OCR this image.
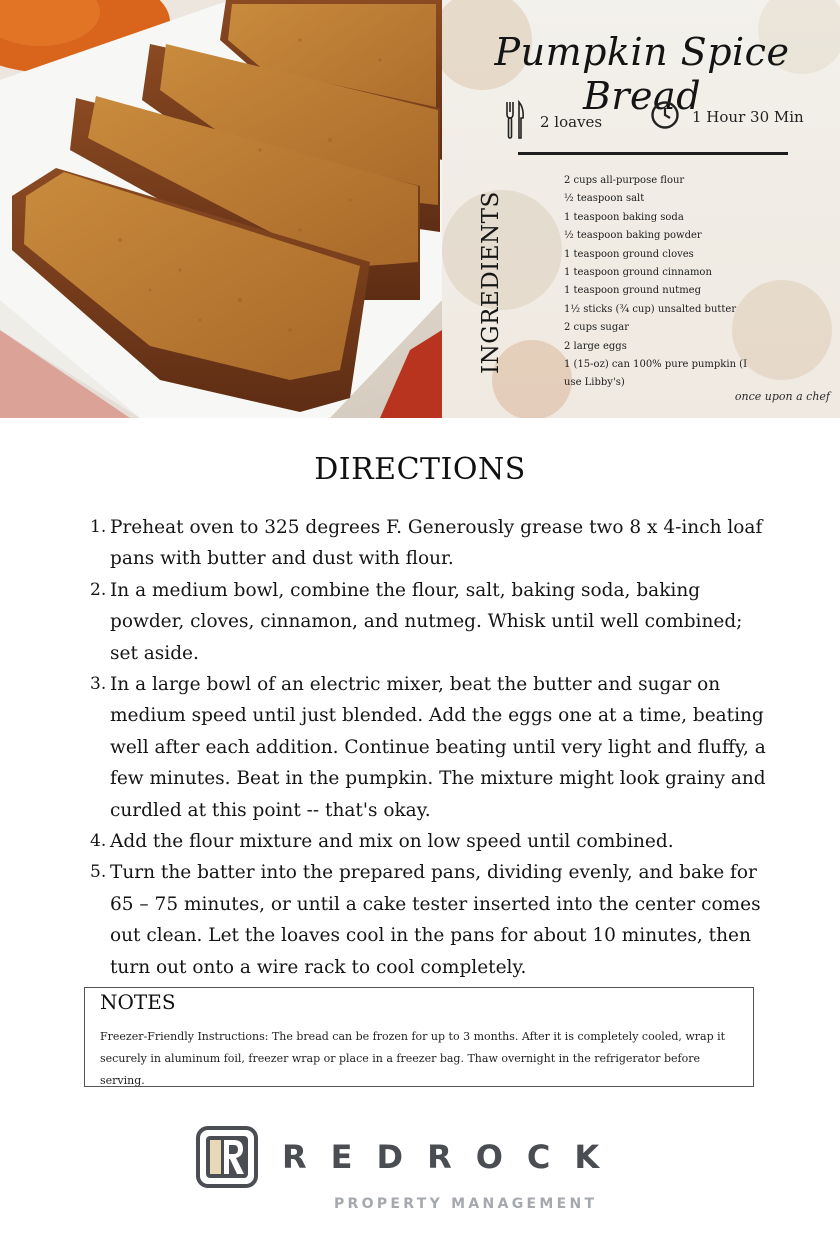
Pumpkin Spice Bread
2 loaves	1 Hour 30 Min
INGREDIENTS
2 cups all-purpose flour
½ teaspoon salt
1 teaspoon baking soda
½ teaspoon baking powder
1 teaspoon ground cloves
1 teaspoon ground cinnamon
1 teaspoon ground nutmeg
1½ sticks (¾ cup) unsalted butter
2 cups sugar
2 large eggs
1 (15-oz) can 100% pure pumpkin (I use Libby's)
once upon a chef
DIRECTIONS
1. Preheat oven to 325 degrees F. Generously grease two 8 x 4-inch loaf pans with butter and dust with flour.
2. In a medium bowl, combine the flour, salt, baking soda, baking powder, cloves, cinnamon, and nutmeg. Whisk until well combined; set aside.
3. In a large bowl of an electric mixer, beat the butter and sugar on medium speed until just blended. Add the eggs one at a time, beating well after each addition. Continue beating until very light and fluffy, a few minutes. Beat in the pumpkin. The mixture might look grainy and curdled at this point -- that's okay.
4. Add the flour mixture and mix on low speed until combined.
5. Turn the batter into the prepared pans, dividing evenly, and bake for 65 – 75 minutes, or until a cake tester inserted into the center comes out clean. Let the loaves cool in the pans for about 10 minutes, then turn out onto a wire rack to cool completely.
NOTES
Freezer-Friendly Instructions: The bread can be frozen for up to 3 months. After it is completely cooled, wrap it securely in aluminum foil, freezer wrap or place in a freezer bag. Thaw overnight in the refrigerator before serving.
REDROCK
PROPERTY MANAGEMENT
